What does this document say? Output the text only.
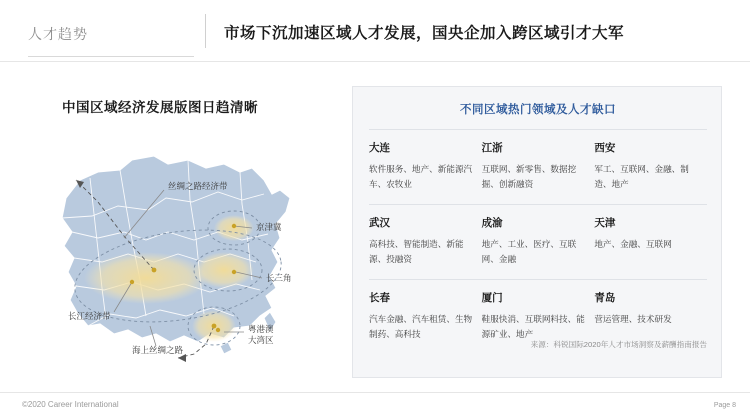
人才趋势	市场下沉加速区域人才发展，国央企加入跨区域引才大军
中国区域经济发展版图日趋清晰
丝绸之路经济带
京津冀
长三角
长江经济带
粤港澳
大湾区
海上丝绸之路
不同区域热门领域及人才缺口
大连
软件服务、地产、新能源汽车、农牧业
江浙
互联网、新零售、数据挖掘、创新融资
西安
军工、互联网、金融、制造、地产
武汉
高科技、智能制造、新能源、投融资
成渝
地产、工业、医疗、互联网、金融
天津
地产、金融、互联网
长春
汽车金融、汽车租赁、生物制药、高科技
厦门
鞋服快消、互联网料技、能源矿业、地产
青岛
营运管理、技术研发
来源：科锐国际2020年人才市场洞察及薪酬指南报告
©2020 Career International	Page 8
